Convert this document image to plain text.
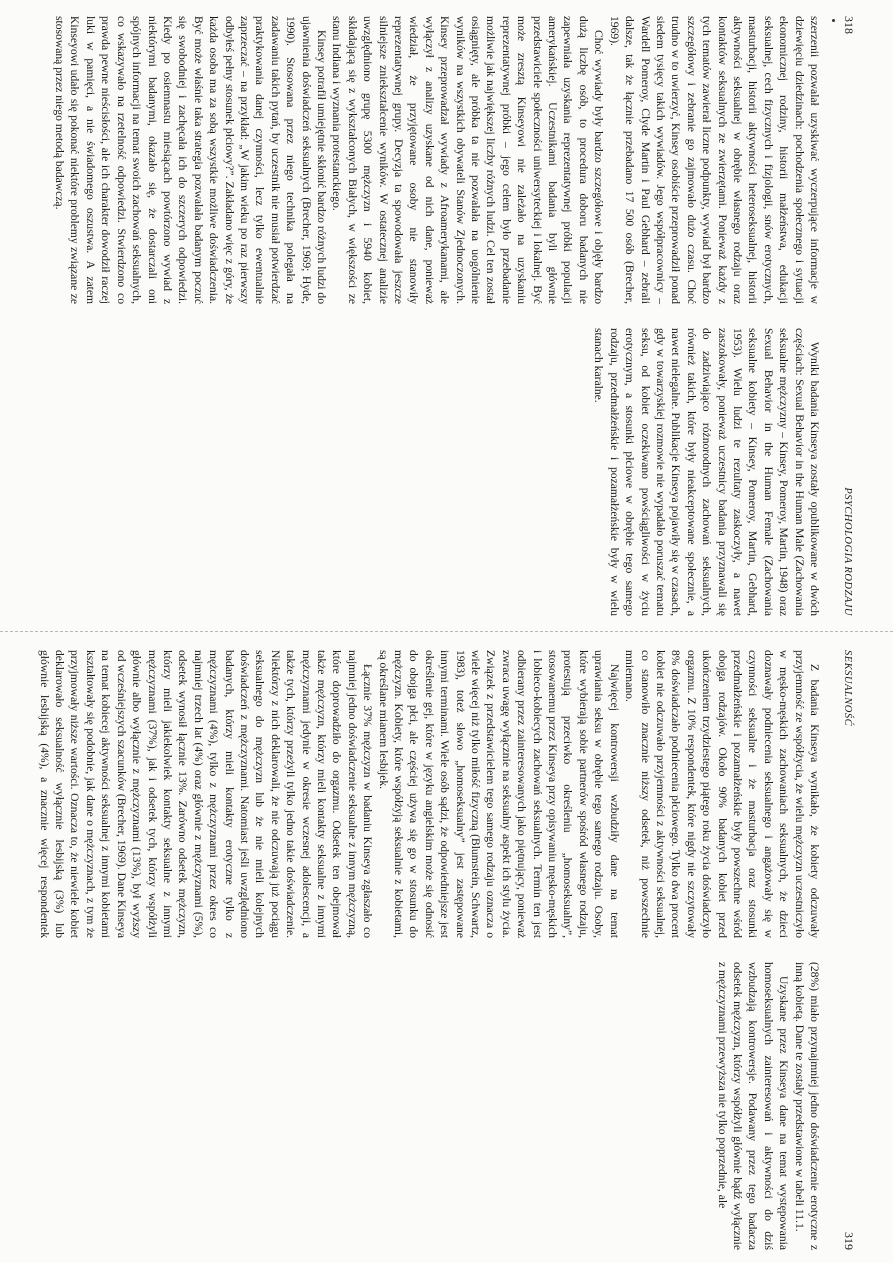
318
PSYCHOLOGIA RODZAJU

szerzenii pozwalał uzyskiwać wyczerpujące informacje w dziewięciu dziedzinach: pochodzenia społecznego i sytuacji ekonomicznej rodziny, historii małżeństwa, edukacji seksualnej, cech fizycznych i fizjologii, snów erotycznych, masturbacji, historii aktywności heteroseksualnej, historii aktywności seksualnej w obrębie własnego rodzaju oraz kontaktów seksualnych ze zwierzętami. Ponieważ każdy z tych tematów zawierał liczne podpunkty, wywiad był bardzo szczegółowy i zebranie go zajmowało dużo czasu. Choć trudno w to uwierzyć, Kinsey osobiście przeprowadził ponad siedem tysięcy takich wywiadów. Jego współpracownicy – Wardell Pomeroy, Clyde Martin i Paul Gebhard – zebrali dalsze, tak że łącznie przebadano 17 500 osób (Brecher, 1969).

Choć wywiady były bardzo szczegółowe i objęły bardzo dużą liczbę osób, to procedura doboru badanych nie zapewniała uzyskania reprezentatywnej próbki populacji amerykańskiej. Uczestnikami badania byli głównie przedstawiciele społeczności uniwersyteckiej i lokalnej. Być może zresztą Kinseyowi nie zależało na uzyskaniu reprezentatywnej próbki – jego celem było przebadanie możliwie jak największej liczby różnych ludzi. Cel ten został osiągnięty, ale próbka ta nie pozwalała na uogólnienie wyników na wszystkich obywateli Stanów Zjednoczonych. Kinsey przeprowadzał wywiady z Afroamerykanami, ale wyłączył z analizy uzyskane od nich dane, ponieważ wiedział, że przyjętowane osoby nie stanowiły reprezentatywnej grupy. Decyzja ta spowodowała jeszcze silniejsze zniekształcenie wyników. W ostatecznej analizie uwzględniono grupę 5300 mężczyzn i 5940 kobiet, składającą się z wykształconych Białych, w większości ze stanu Indiana i wyznania protestanckiego.

Kinsey potrafił umiejętnie skłonić bardzo różnych ludzi do ujawnienia doświadczeń seksualnych (Brecher, 1969; Hyde, 1990). Stosowana przez niego technika polegała na zadawaniu takich pytań, by uczestnik nie musiał potwierdzać praktykowania danej czynności, lecz tylko ewentualnie zaprzeczać – na przykład: „W jakim wieku po raz pierwszy odbyłeś pełny stosunek płciowy?”. Zakładano więc z góry, że każda osoba ma za sobą wszystkie możliwe doświadczenia. Być może właśnie taka strategia pozwalała badanym poczuć się swobodniej i zachęcała ich do szczerych odpowiedzi. Kiedy po osiemnastu miesiącach powtórzono wywiad z niektórymi badanymi, okazało się, że dostarczali oni spójnych informacji na temat swoich zachowań seksualnych, co wskazywało na rzetelność odpowiedzi. Stwierdzono co prawda pewne nieścisłości, ale ich charakter dowodził raczej luki w pamięci, a nie świadomego oszustwa. A zatem Kinseyowi udało się pokonać niektóre problemy związane ze stosowaną przez niego metodą badawczą.

Wyniki badania Kinseya zostały opublikowane w dwóch częściach: Sexual Behavior in the Human Male (Zachowania seksualne mężczyzny – Kinsey, Pomeroy, Martin, 1948) oraz Sexual Behavior in the Human Female (Zachowania seksualne kobiety – Kinsey, Pomeroy, Martin, Gebhard, 1953). Wielu ludzi te rezultaty zaskoczyły, a nawet zaszokowały, ponieważ uczestnicy badania przyznawali się do zadziwiająco różnorodnych zachowań seksualnych, również takich, które były nieakceptowane społecznie, a nawet nielegalne. Publikacje Kinseya pojawiły się w czasach, gdy w towarzyskiej rozmowie nie wypadało poruszać tematu seksu, od kobiet oczekiwano powściągliwości w życiu erotycznym, a stosunki płciowe w obrębie tego samego rodzaju, przedmałżeńskie i pozamałżeńskie były w wielu stanach karalne.

SEKSUALNOŚĆ
319

Z badania Kinseya wynikało, że kobiety odczuwały przyjemność ze współżycia, że wielu mężczyzn uczestniczyło w męsko-męskich zachowaniach seksualnych, że dzieci doznawały podniecenia seksualnego i angażowały się w czynności seksualne i że masturbacja oraz stosunki przedmałżeńskie i pozamałżeńskie były powszechne wśród obojga rodzajów. Około 90% badanych kobiet przed ukończeniem trzydziestego piątego roku życia doświadczyło orgazmu. Z 10% respondentek, które nigdy nie szczytowały 8% doświadczało podniecenia płciowego. Tylko dwa procent kobiet nie odczuwało przyjemności z aktywności seksualnej, co stanowiło znacznie niższy odsetek, niż powszechnie mniemano.

Najwięcej kontrowersji wzbudziły dane na temat uprawiania seksu w obrębie tego samego rodzaju. Osoby, które wybierają sobie partnerów spośród własnego rodzaju, protestują przeciwko określeniu „homoseksualny”, stosowanemu przez Kinseya przy opisywaniu męsko-męskich i lobieco-kobiecych zachowań seksualnych. Termin ten jest odbierany przez zainteresowanych jako piętnujący, ponieważ zwraca uwagę wyłącznie na seksualny aspekt ich stylu życia. Związek z przedstawicielem tego samego rodzaju oznacza o wiele więcej niż tylko miłość fizyczną (Blumstein, Schwartz, 1983), toteż słowo „homoseksualny” jest zastępowane innymi terminami. Wiele osób sądzi, że odpowiedniejsze jest określenie gej, które w języku angielskim może się odnosić do obojga płci, ale częściej używa się go w stosunku do mężczyzn. Kobiety, które współżyją seksualnie z kobietami, są określane mianem lesbijek.

Łącznie 37% mężczyzn w badaniu Kinseya zgłaszało co najmniej jedno doświadczenie seksualne z innym mężczyzną, które doprowadziło do orgazmu. Odsetek ten obejmował także mężczyzn, którzy mieli kontakty seksualne z innymi mężczyznami jedynie w okresie wczesnej adolescencji, a także tych, którzy przeżyli tylko jedno takie doświadczenie. Niektórzy z nich deklarowali, że nie odczuwają już pociągu seksualnego do mężczyzn lub że nie mieli kolejnych doświadczeń z mężczyznami. Natomiast jeśli uwzględniono badanych, którzy mieli kontakty erotyczne tylko z mężczyznami (4%), tylko z mężczyznami przez okres co najmniej trzech lat (4%) oraz głównie z mężczyznami (5%), odsetek wynosił łącznie 13%. Zarówno odsetek mężczyzn, którzy mieli jakiekolwiek kontakty seksualne z innymi mężczyznami (37%), jak i odsetek tych, którzy współżyli głównie albo wyłącznie z mężczyznami (13%), był wyższy od wcześniejszych szacunków (Brecher, 1969). Dane Kinseya na temat kobiecej aktywności seksualnej z innymi kobietami kształtowały się podobnie, jak dane o mężczyznach, z tym że przyjmowały niższe wartości. Oznacza to, że niewiele kobiet deklarowało seksualność wyłącznie lesbijską (3%) lub głównie lesbijską (4%), a znacznie więcej respondentek (28%) miało przynajmniej jedno doświadczenie erotyczne z inną kobietą. Dane te zostały przedstawione w tabeli 11.1.

Uzyskane przez Kinseya dane na temat występowania homoseksualnych zainteresowań i aktywności do dziś wzbudzają kontrowersje. Podawany przez tego badacza odsetek mężczyzn, którzy współżyli głównie bądź wyłącznie z mężczyznami przewyższa nie tylko poprzednie, ale
